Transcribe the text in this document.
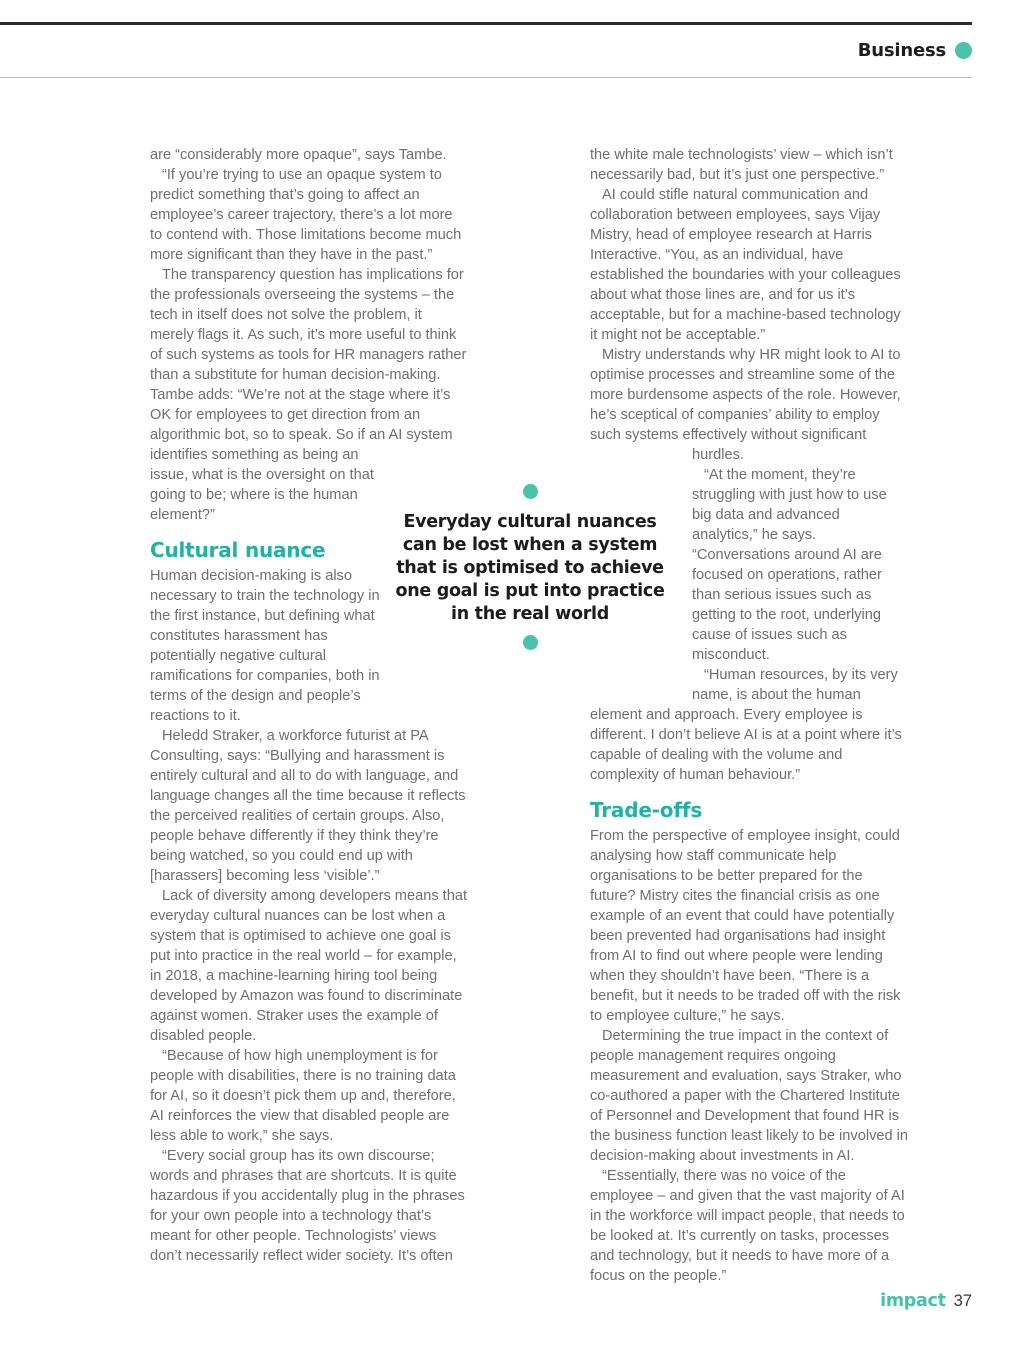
Business

are “considerably more opaque”, says Tambe.

“If you’re trying to use an opaque system to predict something that’s going to affect an employee’s career trajectory, there’s a lot more to contend with. Those limitations become much more significant than they have in the past.”

The transparency question has implications for the professionals overseeing the systems – the tech in itself does not solve the problem, it merely flags it. As such, it’s more useful to think of such systems as tools for HR managers rather than a substitute for human decision-making. Tambe adds: “We’re not at the stage where it’s OK for employees to get direction from an algorithmic bot, so to speak. So if an AI system identifies something as being an issue, what is the oversight on that going to be; where is the human element?”

Cultural nuance

Human decision-making is also necessary to train the technology in the first instance, but defining what constitutes harassment has potentially negative cultural ramifications for companies, both in terms of the design and people’s reactions to it.

Heledd Straker, a workforce futurist at PA Consulting, says: “Bullying and harassment is entirely cultural and all to do with language, and language changes all the time because it reflects the perceived realities of certain groups. Also, people behave differently if they think they’re being watched, so you could end up with [harassers] becoming less ‘visible’.”

Lack of diversity among developers means that everyday cultural nuances can be lost when a system that is optimised to achieve one goal is put into practice in the real world – for example, in 2018, a machine-learning hiring tool being developed by Amazon was found to discriminate against women. Straker uses the example of disabled people.

“Because of how high unemployment is for people with disabilities, there is no training data for AI, so it doesn’t pick them up and, therefore, AI reinforces the view that disabled people are less able to work,” she says.

“Every social group has its own discourse; words and phrases that are shortcuts. It is quite hazardous if you accidentally plug in the phrases for your own people into a technology that’s meant for other people. Technologists’ views don’t necessarily reflect wider society. It’s often

the white male technologists’ view – which isn’t necessarily bad, but it’s just one perspective.”

AI could stifle natural communication and collaboration between employees, says Vijay Mistry, head of employee research at Harris Interactive. “You, as an individual, have established the boundaries with your colleagues about what those lines are, and for us it’s acceptable, but for a machine-based technology it might not be acceptable.”

Mistry understands why HR might look to AI to optimise processes and streamline some of the more burdensome aspects of the role. However, he’s sceptical of companies’ ability to employ such systems effectively without significant hurdles.

“At the moment, they’re struggling with just how to use big data and advanced analytics,” he says. “Conversations around AI are focused on operations, rather than serious issues such as getting to the root, underlying cause of issues such as misconduct.

“Human resources, by its very name, is about the human element and approach. Every employee is different. I don’t believe AI is at a point where it’s capable of dealing with the volume and complexity of human behaviour.”

Trade-offs

From the perspective of employee insight, could analysing how staff communicate help organisations to be better prepared for the future? Mistry cites the financial crisis as one example of an event that could have potentially been prevented had organisations had insight from AI to find out where people were lending when they shouldn’t have been. “There is a benefit, but it needs to be traded off with the risk to employee culture,” he says.

Determining the true impact in the context of people management requires ongoing measurement and evaluation, says Straker, who co-authored a paper with the Chartered Institute of Personnel and Development that found HR is the business function least likely to be involved in decision-making about investments in AI.

“Essentially, there was no voice of the employee – and given that the vast majority of AI in the workforce will impact people, that needs to be looked at. It’s currently on tasks, processes and technology, but it needs to have more of a focus on the people.”

Everyday cultural nuances
can be lost when a system
that is optimised to achieve
one goal is put into practice
in the real world
impact 37
